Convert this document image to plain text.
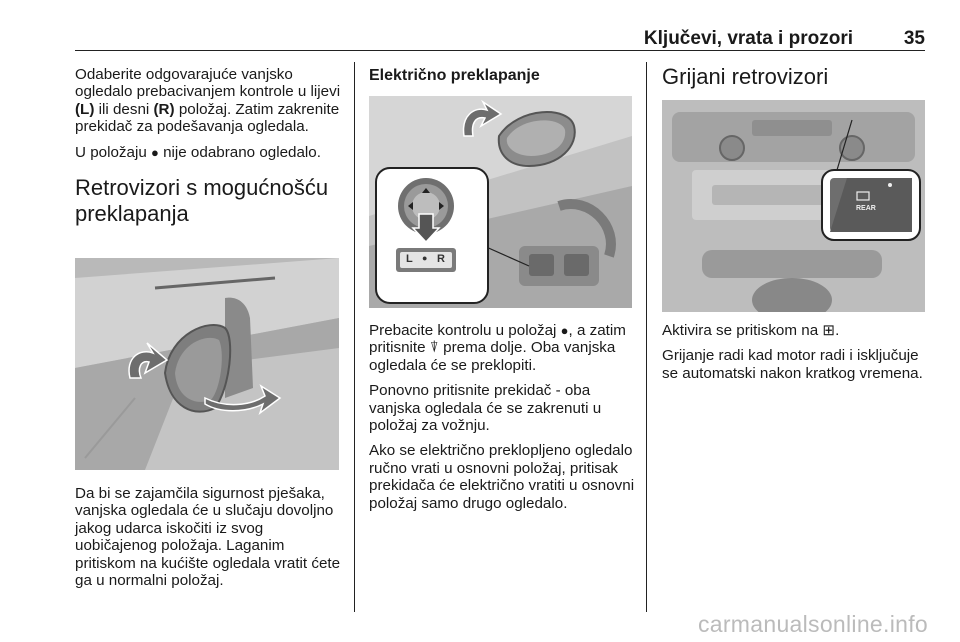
Ključevi, vrata i prozori	35

Odaberite odgovarajuće vanjsko ogledalo prebacivanjem kontrole u lijevi (L) ili desni (R) položaj. Zatim zakrenite prekidač za podešavanja ogledala.

U položaju ● nije odabrano ogledalo.

Retrovizori s mogućnošću preklapanja

Da bi se zajamčila sigurnost pješaka, vanjska ogledala će u slučaju dovoljno jakog udarca iskočiti iz svog uobičajenog položaja. Laganim pritiskom na kućište ogledala vratit ćete ga u normalni položaj.

Električno preklapanje
L ● R

Prebacite kontrolu u položaj ●, a zatim pritisnite ⍒ prema dolje. Oba vanjska ogledala će se preklopiti.

Ponovno pritisnite prekidač - oba vanjska ogledala će se zakrenuti u položaj za vožnju.

Ako se električno preklopljeno ogledalo ručno vrati u osnovni položaj, pritisak prekidača će električno vratiti u osnovni položaj samo drugo ogledalo.

Grijani retrovizori
REAR

Aktivira se pritiskom na ⊞.

Grijanje radi kad motor radi i isključuje se automatski nakon kratkog vremena.

carmanualsonline.info
